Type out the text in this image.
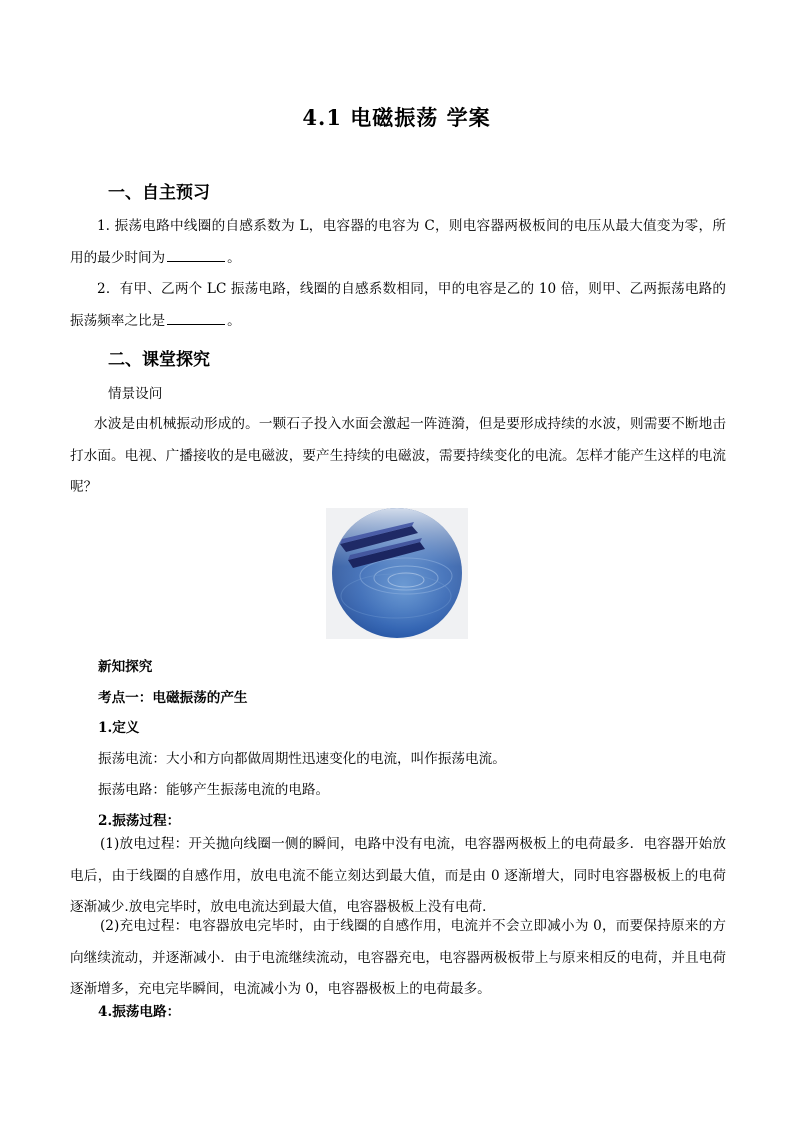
4.1 电磁振荡 学案
一、自主预习
1. 振荡电路中线圈的自感系数为 L，电容器的电容为 C，则电容器两极板间的电压从最大值变为零，所用的最少时间为	。
2．有甲、乙两个 LC 振荡电路，线圈的自感系数相同，甲的电容是乙的 10 倍，则甲、乙两振荡电路的振荡频率之比是	。
二、课堂探究
情景设问
水波是由机械振动形成的。一颗石子投入水面会激起一阵涟漪，但是要形成持续的水波，则需要不断地击打水面。电视、广播接收的是电磁波，要产生持续的电磁波，需要持续变化的电流。怎样才能产生这样的电流呢？
新知探究
考点一：电磁振荡的产生
1.定义
振荡电流：大小和方向都做周期性迅速变化的电流，叫作振荡电流。
振荡电路：能够产生振荡电流的电路。
2.振荡过程：
(1)放电过程：开关拋向线圈一侧的瞬间，电路中没有电流，电容器两极板上的电荷最多．电容器开始放电后，由于线圈的自感作用，放电电流不能立刻达到最大值，而是由 0 逐渐增大，同时电容器极板上的电荷逐渐减少.放电完毕时，放电电流达到最大值，电容器极板上没有电荷．
(2)充电过程：电容器放电完毕时，由于线圈的自感作用，电流并不会立即减小为 0，而要保持原来的方向继续流动，并逐渐减小．由于电流继续流动，电容器充电，电容器两极板带上与原来相反的电荷，并且电荷逐渐增多，充电完毕瞬间，电流减小为 0，电容器极板上的电荷最多。
4.振荡电路：
